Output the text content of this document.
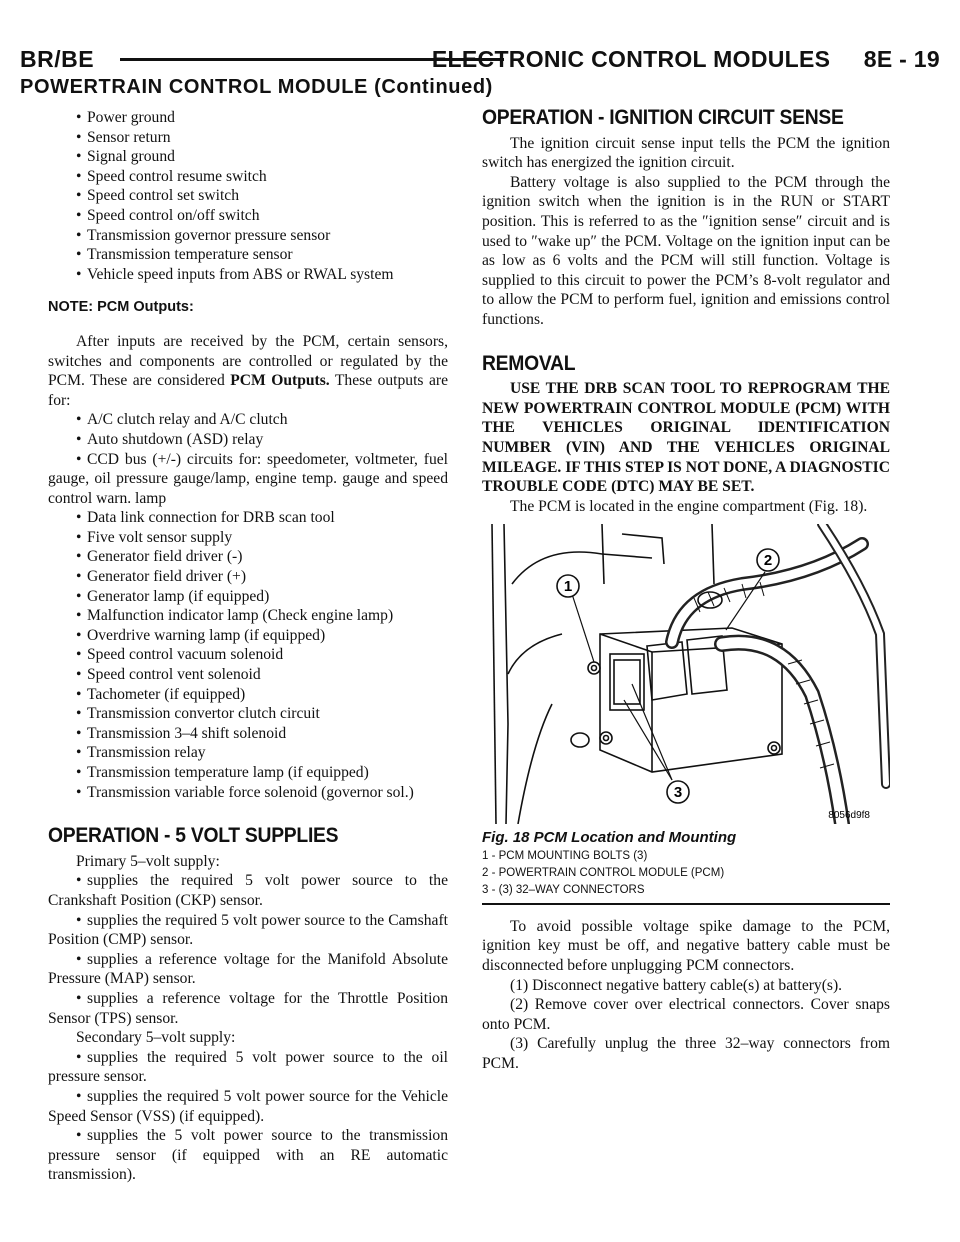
BR/BE	ELECTRONIC CONTROL MODULES     8E - 19
POWERTRAIN CONTROL MODULE (Continued)
• Power ground
• Sensor return
• Signal ground
• Speed control resume switch
• Speed control set switch
• Speed control on/off switch
• Transmission governor pressure sensor
• Transmission temperature sensor
• Vehicle speed inputs from ABS or RWAL system
NOTE: PCM Outputs:

After inputs are received by the PCM, certain sensors, switches and components are controlled or regulated by the PCM. These are considered PCM Outputs. These outputs are for:

• A/C clutch relay and A/C clutch
• Auto shutdown (ASD) relay

• CCD bus (+/-) circuits for: speedometer, voltmeter, fuel gauge, oil pressure gauge/lamp, engine temp. gauge and speed control warn. lamp

• Data link connection for DRB scan tool
• Five volt sensor supply
• Generator field driver (-)
• Generator field driver (+)
• Generator lamp (if equipped)
• Malfunction indicator lamp (Check engine lamp)
• Overdrive warning lamp (if equipped)
• Speed control vacuum solenoid
• Speed control vent solenoid
• Tachometer (if equipped)
• Transmission convertor clutch circuit
• Transmission 3–4 shift solenoid
• Transmission relay
• Transmission temperature lamp (if equipped)

• Transmission variable force solenoid (governor sol.)

OPERATION - 5 VOLT SUPPLIES

Primary 5–volt supply:

• supplies the required 5 volt power source to the Crankshaft Position (CKP) sensor.

• supplies the required 5 volt power source to the Camshaft Position (CMP) sensor.

• supplies a reference voltage for the Manifold Absolute Pressure (MAP) sensor.

• supplies a reference voltage for the Throttle Position Sensor (TPS) sensor.

Secondary 5–volt supply:

• supplies the required 5 volt power source to the oil pressure sensor.

• supplies the required 5 volt power source for the Vehicle Speed Sensor (VSS) (if equipped).

• supplies the 5 volt power source to the transmission pressure sensor (if equipped with an RE automatic transmission).

OPERATION - IGNITION CIRCUIT SENSE

The ignition circuit sense input tells the PCM the ignition switch has energized the ignition circuit.

Battery voltage is also supplied to the PCM through the ignition switch when the ignition is in the RUN or START position. This is referred to as the ″ignition sense″ circuit and is used to ″wake up″ the PCM. Voltage on the ignition input can be as low as 6 volts and the PCM will still function. Voltage is supplied to this circuit to power the PCM’s 8-volt regulator and to allow the PCM to perform fuel, ignition and emissions control functions.

REMOVAL

USE THE DRB SCAN TOOL TO REPROGRAM THE NEW POWERTRAIN CONTROL MODULE (PCM) WITH THE VEHICLES ORIGINAL IDENTIFICATION NUMBER (VIN) AND THE VEHICLES ORIGINAL MILEAGE. IF THIS STEP IS NOT DONE, A DIAGNOSTIC TROUBLE CODE (DTC) MAY BE SET.

The PCM is located in the engine compartment (Fig. 18).

1
2
3
8056d9f8
Fig. 18 PCM Location and Mounting
1 - PCM MOUNTING BOLTS (3)
2 - POWERTRAIN CONTROL MODULE (PCM)
3 - (3) 32–WAY CONNECTORS

To avoid possible voltage spike damage to the PCM, ignition key must be off, and negative battery cable must be disconnected before unplugging PCM connectors.

(1) Disconnect negative battery cable(s) at battery(s).

(2) Remove cover over electrical connectors. Cover snaps onto PCM.

(3) Carefully unplug the three 32–way connectors from PCM.
